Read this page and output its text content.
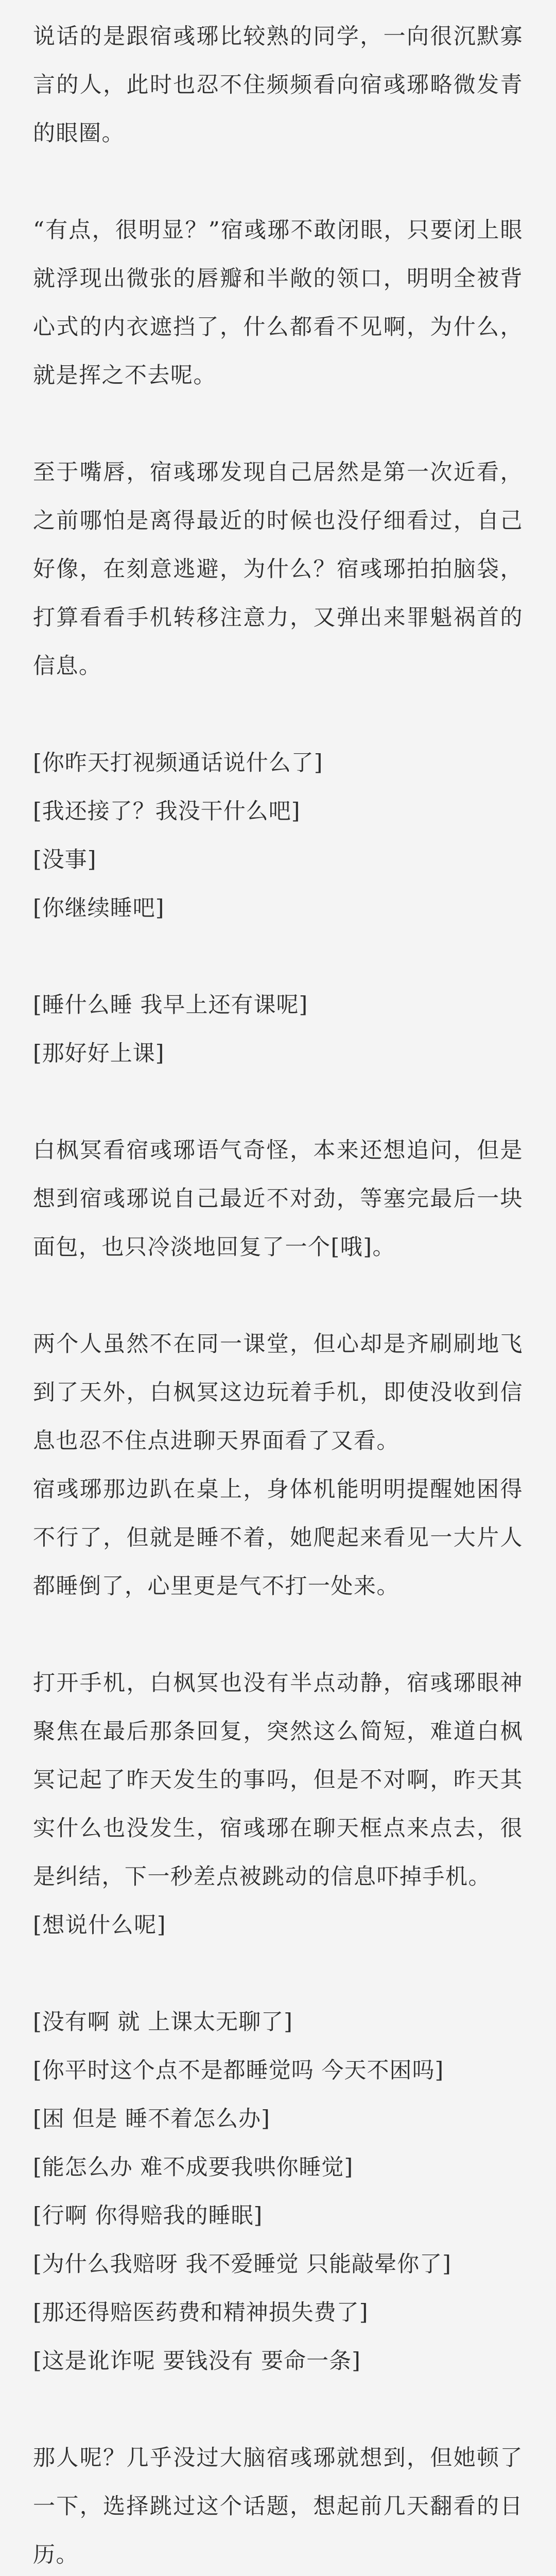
说话的是跟宿彧琊比较熟的同学，一向很沉默寡言的人，此时也忍不住频频看向宿彧琊略微发青的眼圈。
“有点，很明显？”宿彧琊不敢闭眼，只要闭上眼就浮现出微张的唇瓣和半敞的领口，明明全被背心式的内衣遮挡了，什么都看不见啊，为什么，就是挥之不去呢。
至于嘴唇，宿彧琊发现自己居然是第一次近看，之前哪怕是离得最近的时候也没仔细看过，自己好像，在刻意逃避，为什么？宿彧琊拍拍脑袋，打算看看手机转移注意力，又弹出来罪魁祸首的信息。
[你昨天打视频通话说什么了]
[我还接了？我没干什么吧]
[没事]
[你继续睡吧]
[睡什么睡 我早上还有课呢]
[那好好上课]
白枫冥看宿彧琊语气奇怪，本来还想追问，但是想到宿彧琊说自己最近不对劲，等塞完最后一块面包，也只冷淡地回复了一个[哦]。
两个人虽然不在同一课堂，但心却是齐刷刷地飞到了天外，白枫冥这边玩着手机，即使没收到信息也忍不住点进聊天界面看了又看。
宿彧琊那边趴在桌上，身体机能明明提醒她困得不行了，但就是睡不着，她爬起来看见一大片人都睡倒了，心里更是气不打一处来。
打开手机，白枫冥也没有半点动静，宿彧琊眼神聚焦在最后那条回复，突然这么简短，难道白枫冥记起了昨天发生的事吗，但是不对啊，昨天其实什么也没发生，宿彧琊在聊天框点来点去，很是纠结，下一秒差点被跳动的信息吓掉手机。
[想说什么呢]
[没有啊 就 上课太无聊了]
[你平时这个点不是都睡觉吗 今天不困吗]
[困 但是 睡不着怎么办]
[能怎么办 难不成要我哄你睡觉]
[行啊 你得赔我的睡眠]
[为什么我赔呀 我不爱睡觉 只能敲晕你了]
[那还得赔医药费和精神损失费了]
[这是讹诈呢 要钱没有 要命一条]
那人呢？几乎没过大脑宿彧琊就想到，但她顿了一下，选择跳过这个话题，想起前几天翻看的日历。
